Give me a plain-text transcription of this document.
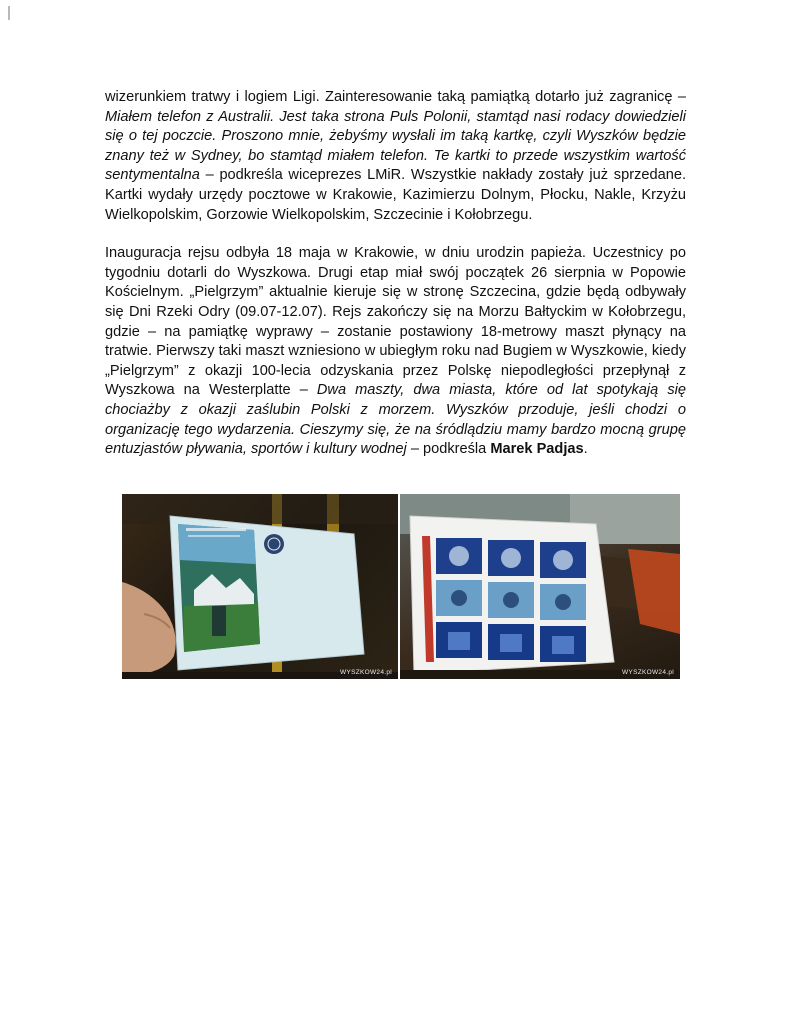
wizerunkiem tratwy i logiem Ligi. Zainteresowanie taką pamiątką dotarło już zagranicę – Miałem telefon z Australii. Jest taka strona Puls Polonii, stamtąd nasi rodacy dowiedzieli się o tej poczcie. Proszono mnie, żebyśmy wysłali im taką kartkę, czyli Wyszków będzie znany też w Sydney, bo stamtąd miałem telefon. Te kartki to przede wszystkim wartość sentymentalna – podkreśla wiceprezes LMiR. Wszystkie nakłady zostały już sprzedane. Kartki wydały urzędy pocztowe w Krakowie, Kazimierzu Dolnym, Płocku, Nakle, Krzyżu Wielkopolskim, Gorzowie Wielkopolskim, Szczecinie i Kołobrzegu.

Inauguracja rejsu odbyła 18 maja w Krakowie, w dniu urodzin papieża. Uczestnicy po tygodniu dotarli do Wyszkowa. Drugi etap miał swój początek 26 sierpnia w Popowie Kościelnym. „Pielgrzym” aktualnie kieruje się w stronę Szczecina, gdzie będą odbywały się Dni Rzeki Odry (09.07-12.07). Rejs zakończy się na Morzu Bałtyckim w Kołobrzegu, gdzie – na pamiątkę wyprawy – zostanie postawiony 18-metrowy maszt płynący na tratwie. Pierwszy taki maszt wzniesiono w ubiegłym roku nad Bugiem w Wyszkowie, kiedy „Pielgrzym” z okazji 100-lecia odzyskania przez Polskę niepodległości przepłynął z Wyszkowa na Westerplatte – Dwa maszty, dwa miasta, które od lat spotykają się chociażby z okazji zaślubin Polski z morzem. Wyszków przoduje, jeśli chodzi o organizację tego wydarzenia. Cieszymy się, że na śródlądziu mamy bardzo mocną grupę entuzjastów pływania, sportów i kultury wodnej – podkreśla Marek Padjas.

WYSZKOW24.pl	WYSZKOW24.pl
